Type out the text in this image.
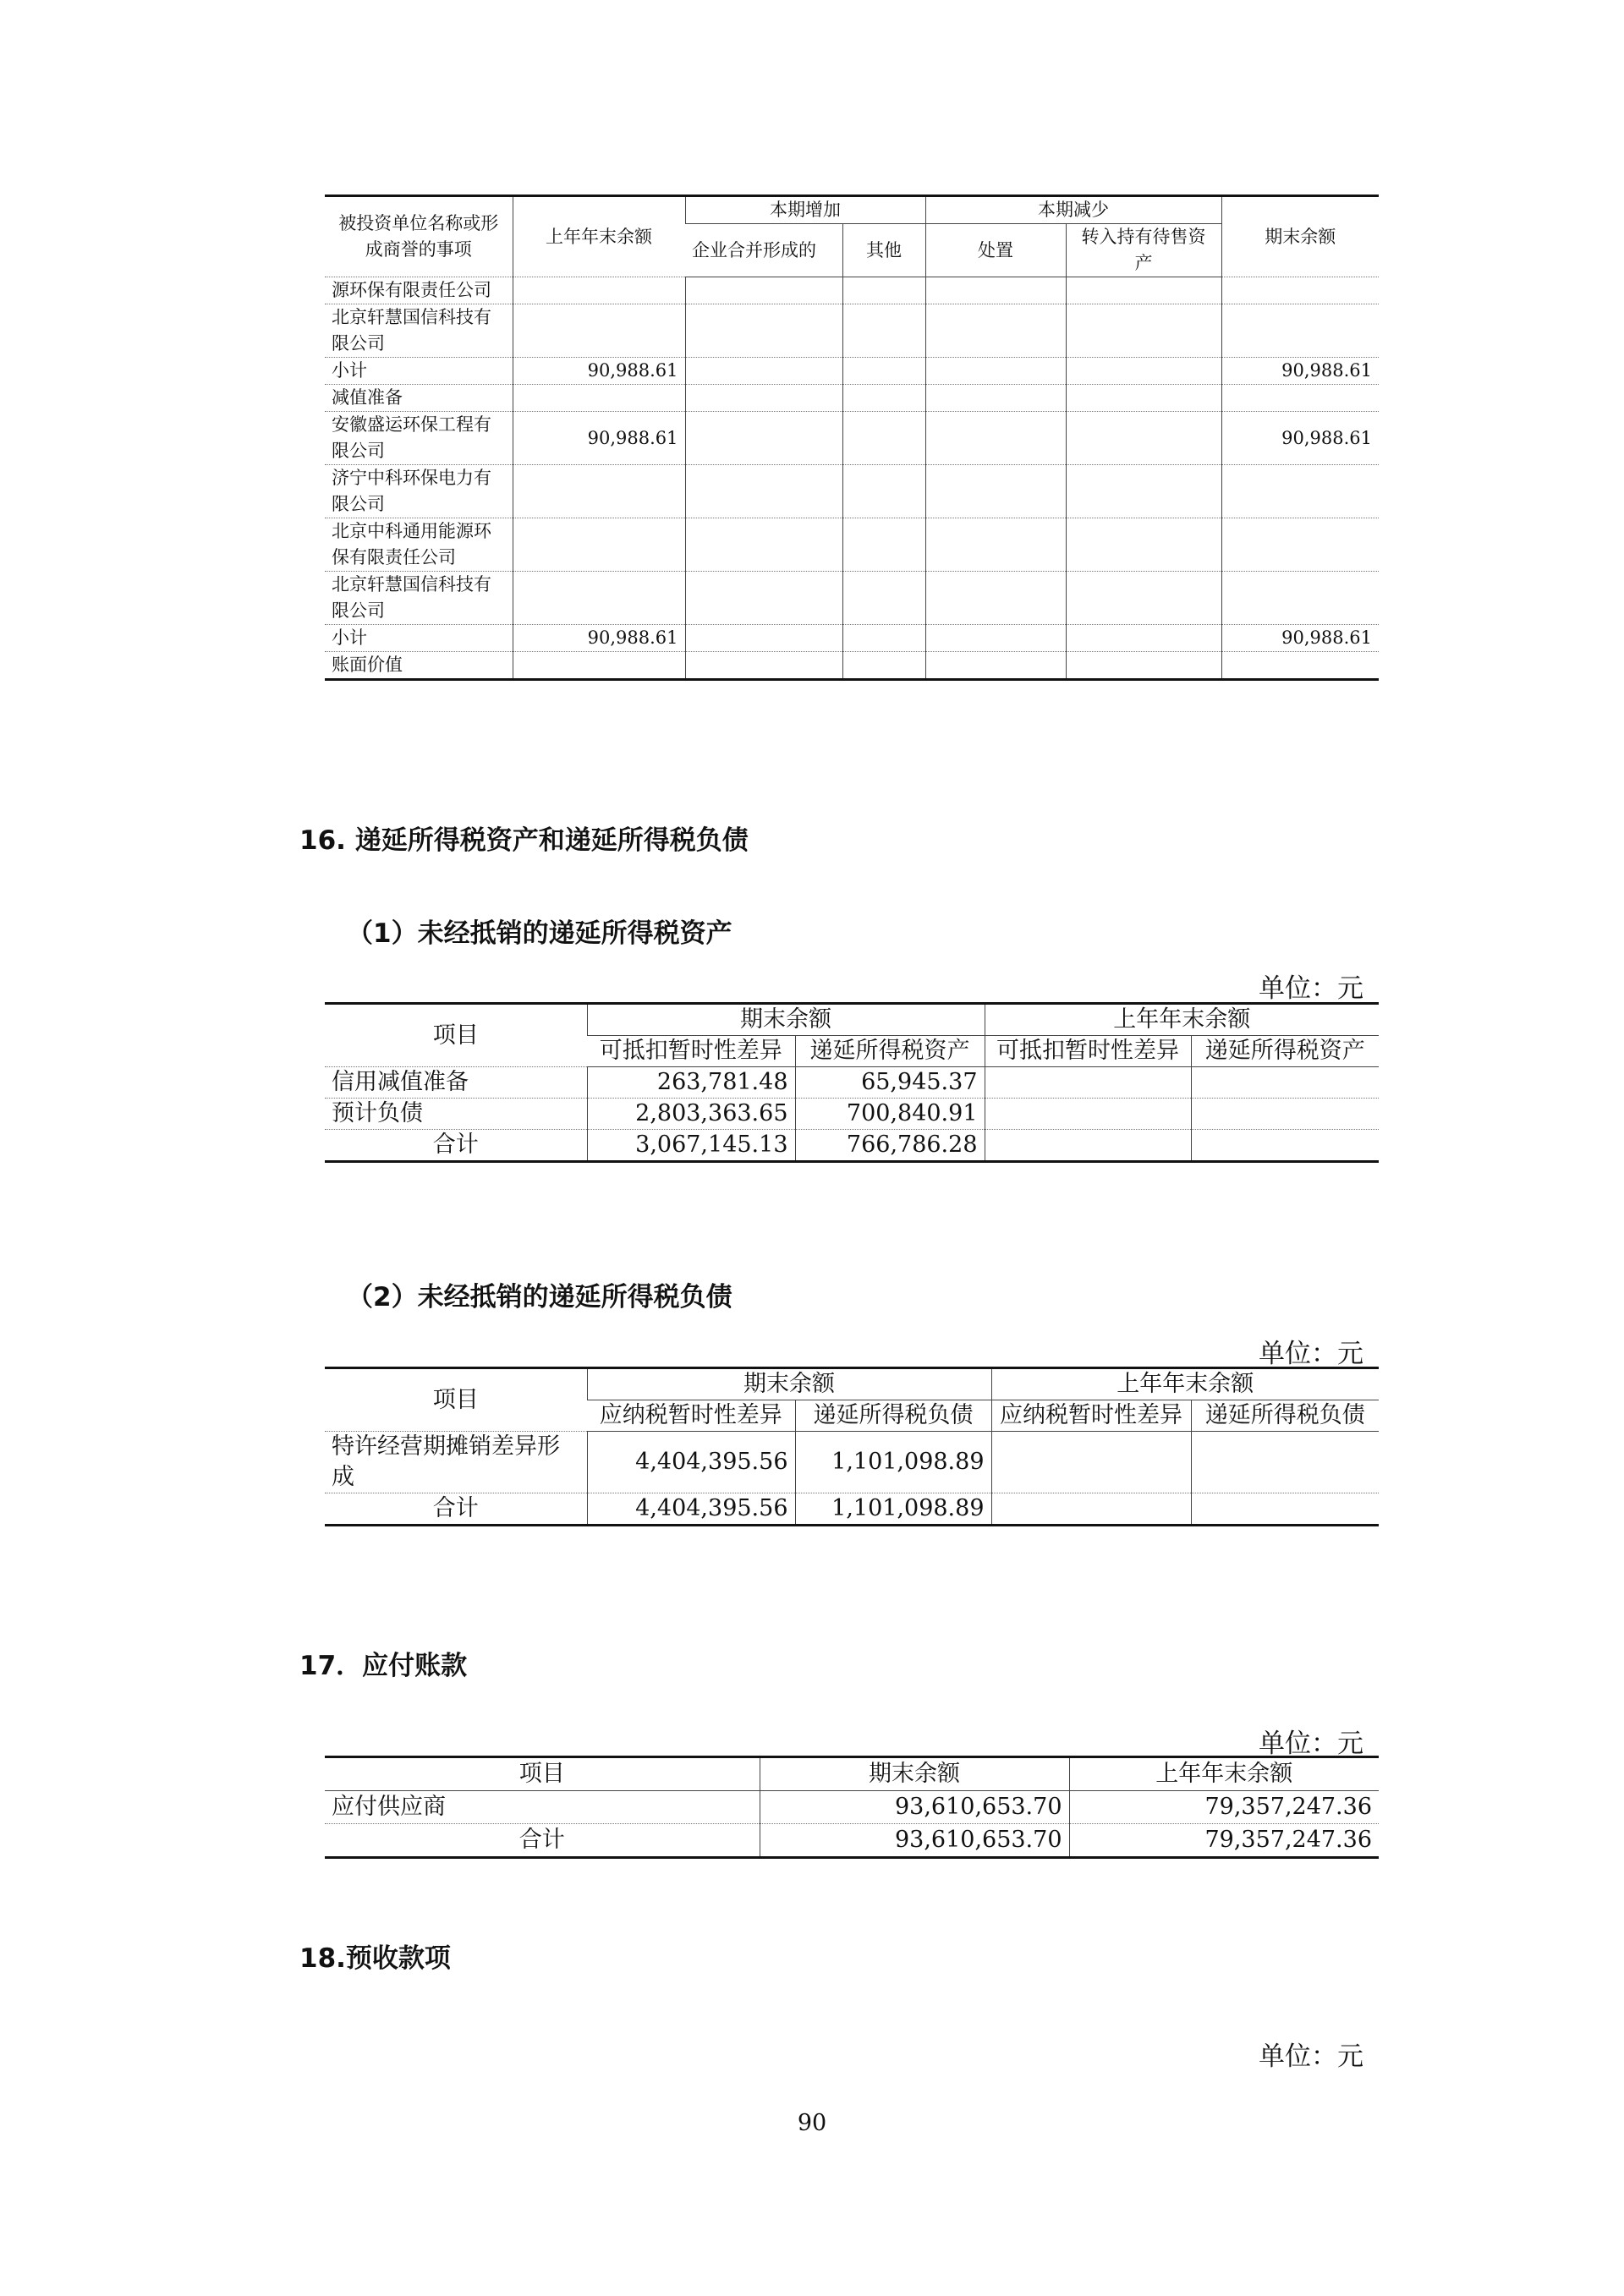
被投资单位名称或形成商誉的事项	上年年末余额	本期增加		本期减少		期末余额
		企业合并形成的	其他	处置	转入持有待售资产	
源环保有限责任公司						
北京轩慧国信科技有限公司						
小计	90,988.61					90,988.61
减值准备						
安徽盛运环保工程有限公司	90,988.61					90,988.61
济宁中科环保电力有限公司						
北京中科通用能源环保有限责任公司						
北京轩慧国信科技有限公司						
小计	90,988.61					90,988.61
账面价值						
16. 递延所得税资产和递延所得税负债
（1）未经抵销的递延所得税资产
单位：元
项目	期末余额		上年年末余额	
	可抵扣暂时性差异	递延所得税资产	可抵扣暂时性差异	递延所得税资产
信用减值准备	263,781.48	65,945.37		
预计负债	2,803,363.65	700,840.91		
合计	3,067,145.13	766,786.28		
（2）未经抵销的递延所得税负债
单位：元
项目	期末余额		上年年末余额	
	应纳税暂时性差异	递延所得税负债	应纳税暂时性差异	递延所得税负债
特许经营期摊销差异形成	4,404,395.56	1,101,098.89		
合计	4,404,395.56	1,101,098.89		
17．应付账款
单位：元
项目	期末余额	上年年末余额
应付供应商	93,610,653.70	79,357,247.36
合计	93,610,653.70	79,357,247.36
18.预收款项
单位：元
90
